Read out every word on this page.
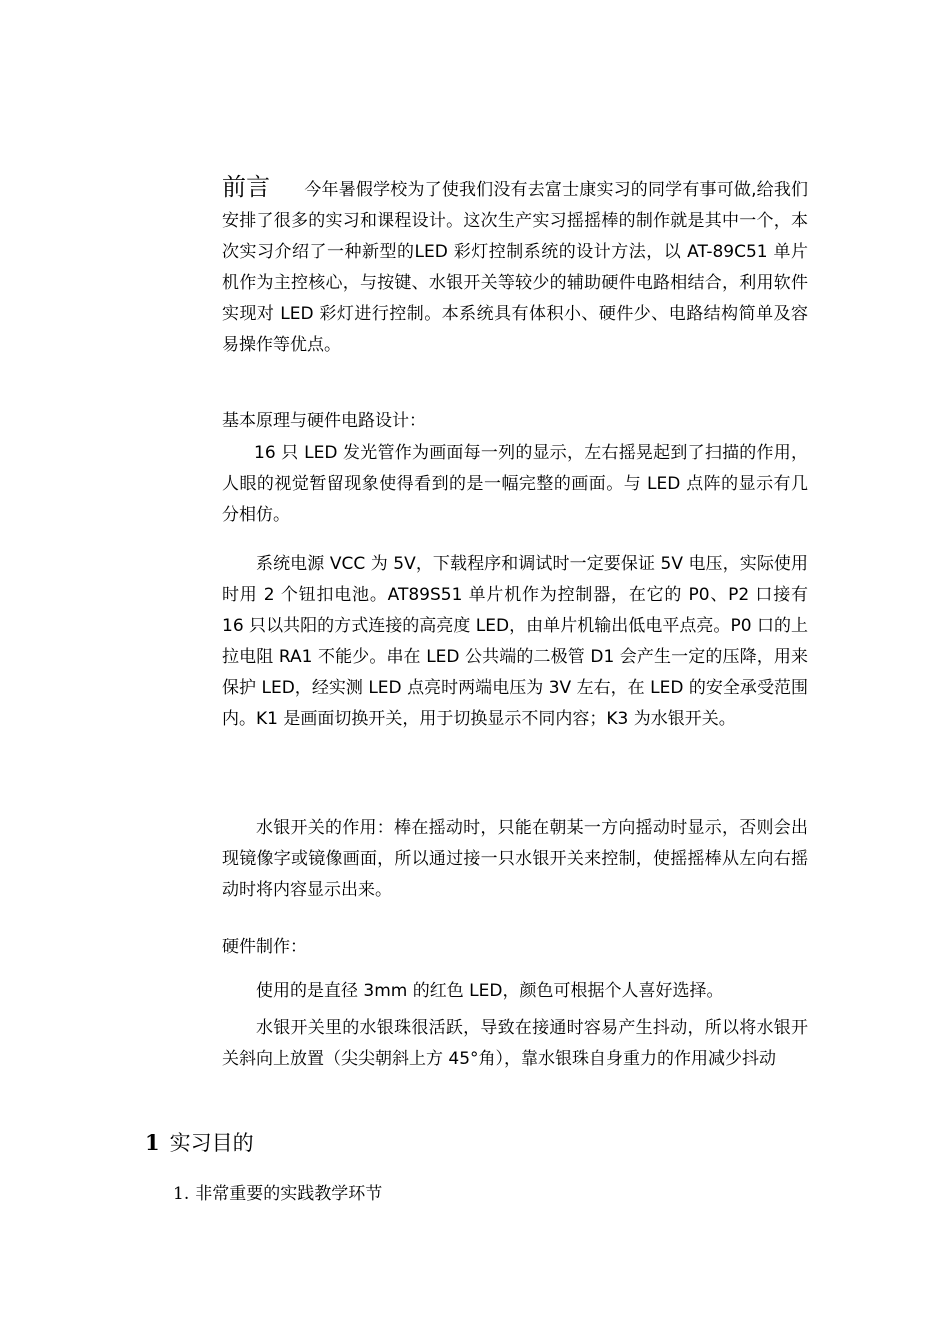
前言 今年暑假学校为了使我们没有去富士康实习的同学有事可做,给我们安排了很多的实习和课程设计。这次生产实习摇摇棒的制作就是其中一个，本次实习介绍了一种新型的LED 彩灯控制系统的设计方法，以 AT-89C51 单片机作为主控核心，与按键、水银开关等较少的辅助硬件电路相结合，利用软件实现对 LED 彩灯进行控制。本系统具有体积小、硬件少、电路结构简单及容易操作等优点。

基本原理与硬件电路设计：

16 只 LED 发光管作为画面每一列的显示，左右摇晃起到了扫描的作用，人眼的视觉暂留现象使得看到的是一幅完整的画面。与 LED 点阵的显示有几分相仿。

系统电源 VCC 为 5V，下载程序和调试时一定要保证 5V 电压，实际使用时用 2 个钮扣电池。AT89S51 单片机作为控制器，在它的 P0、P2 口接有 16 只以共阳的方式连接的高亮度 LED，由单片机输出低电平点亮。P0 口的上拉电阻 RA1 不能少。串在 LED 公共端的二极管 D1 会产生一定的压降，用来保护 LED，经实测 LED 点亮时两端电压为 3V 左右，在 LED 的安全承受范围内。K1 是画面切换开关，用于切换显示不同内容；K3 为水银开关。

水银开关的作用：棒在摇动时，只能在朝某一方向摇动时显示，否则会出现镜像字或镜像画面，所以通过接一只水银开关来控制，使摇摇棒从左向右摇动时将内容显示出来。

硬件制作：

使用的是直径 3mm 的红色 LED，颜色可根据个人喜好选择。

水银开关里的水银珠很活跃，导致在接通时容易产生抖动，所以将水银开关斜向上放置（尖尖朝斜上方 45°角），靠水银珠自身重力的作用减少抖动

1 实习目的

1. 非常重要的实践教学环节
